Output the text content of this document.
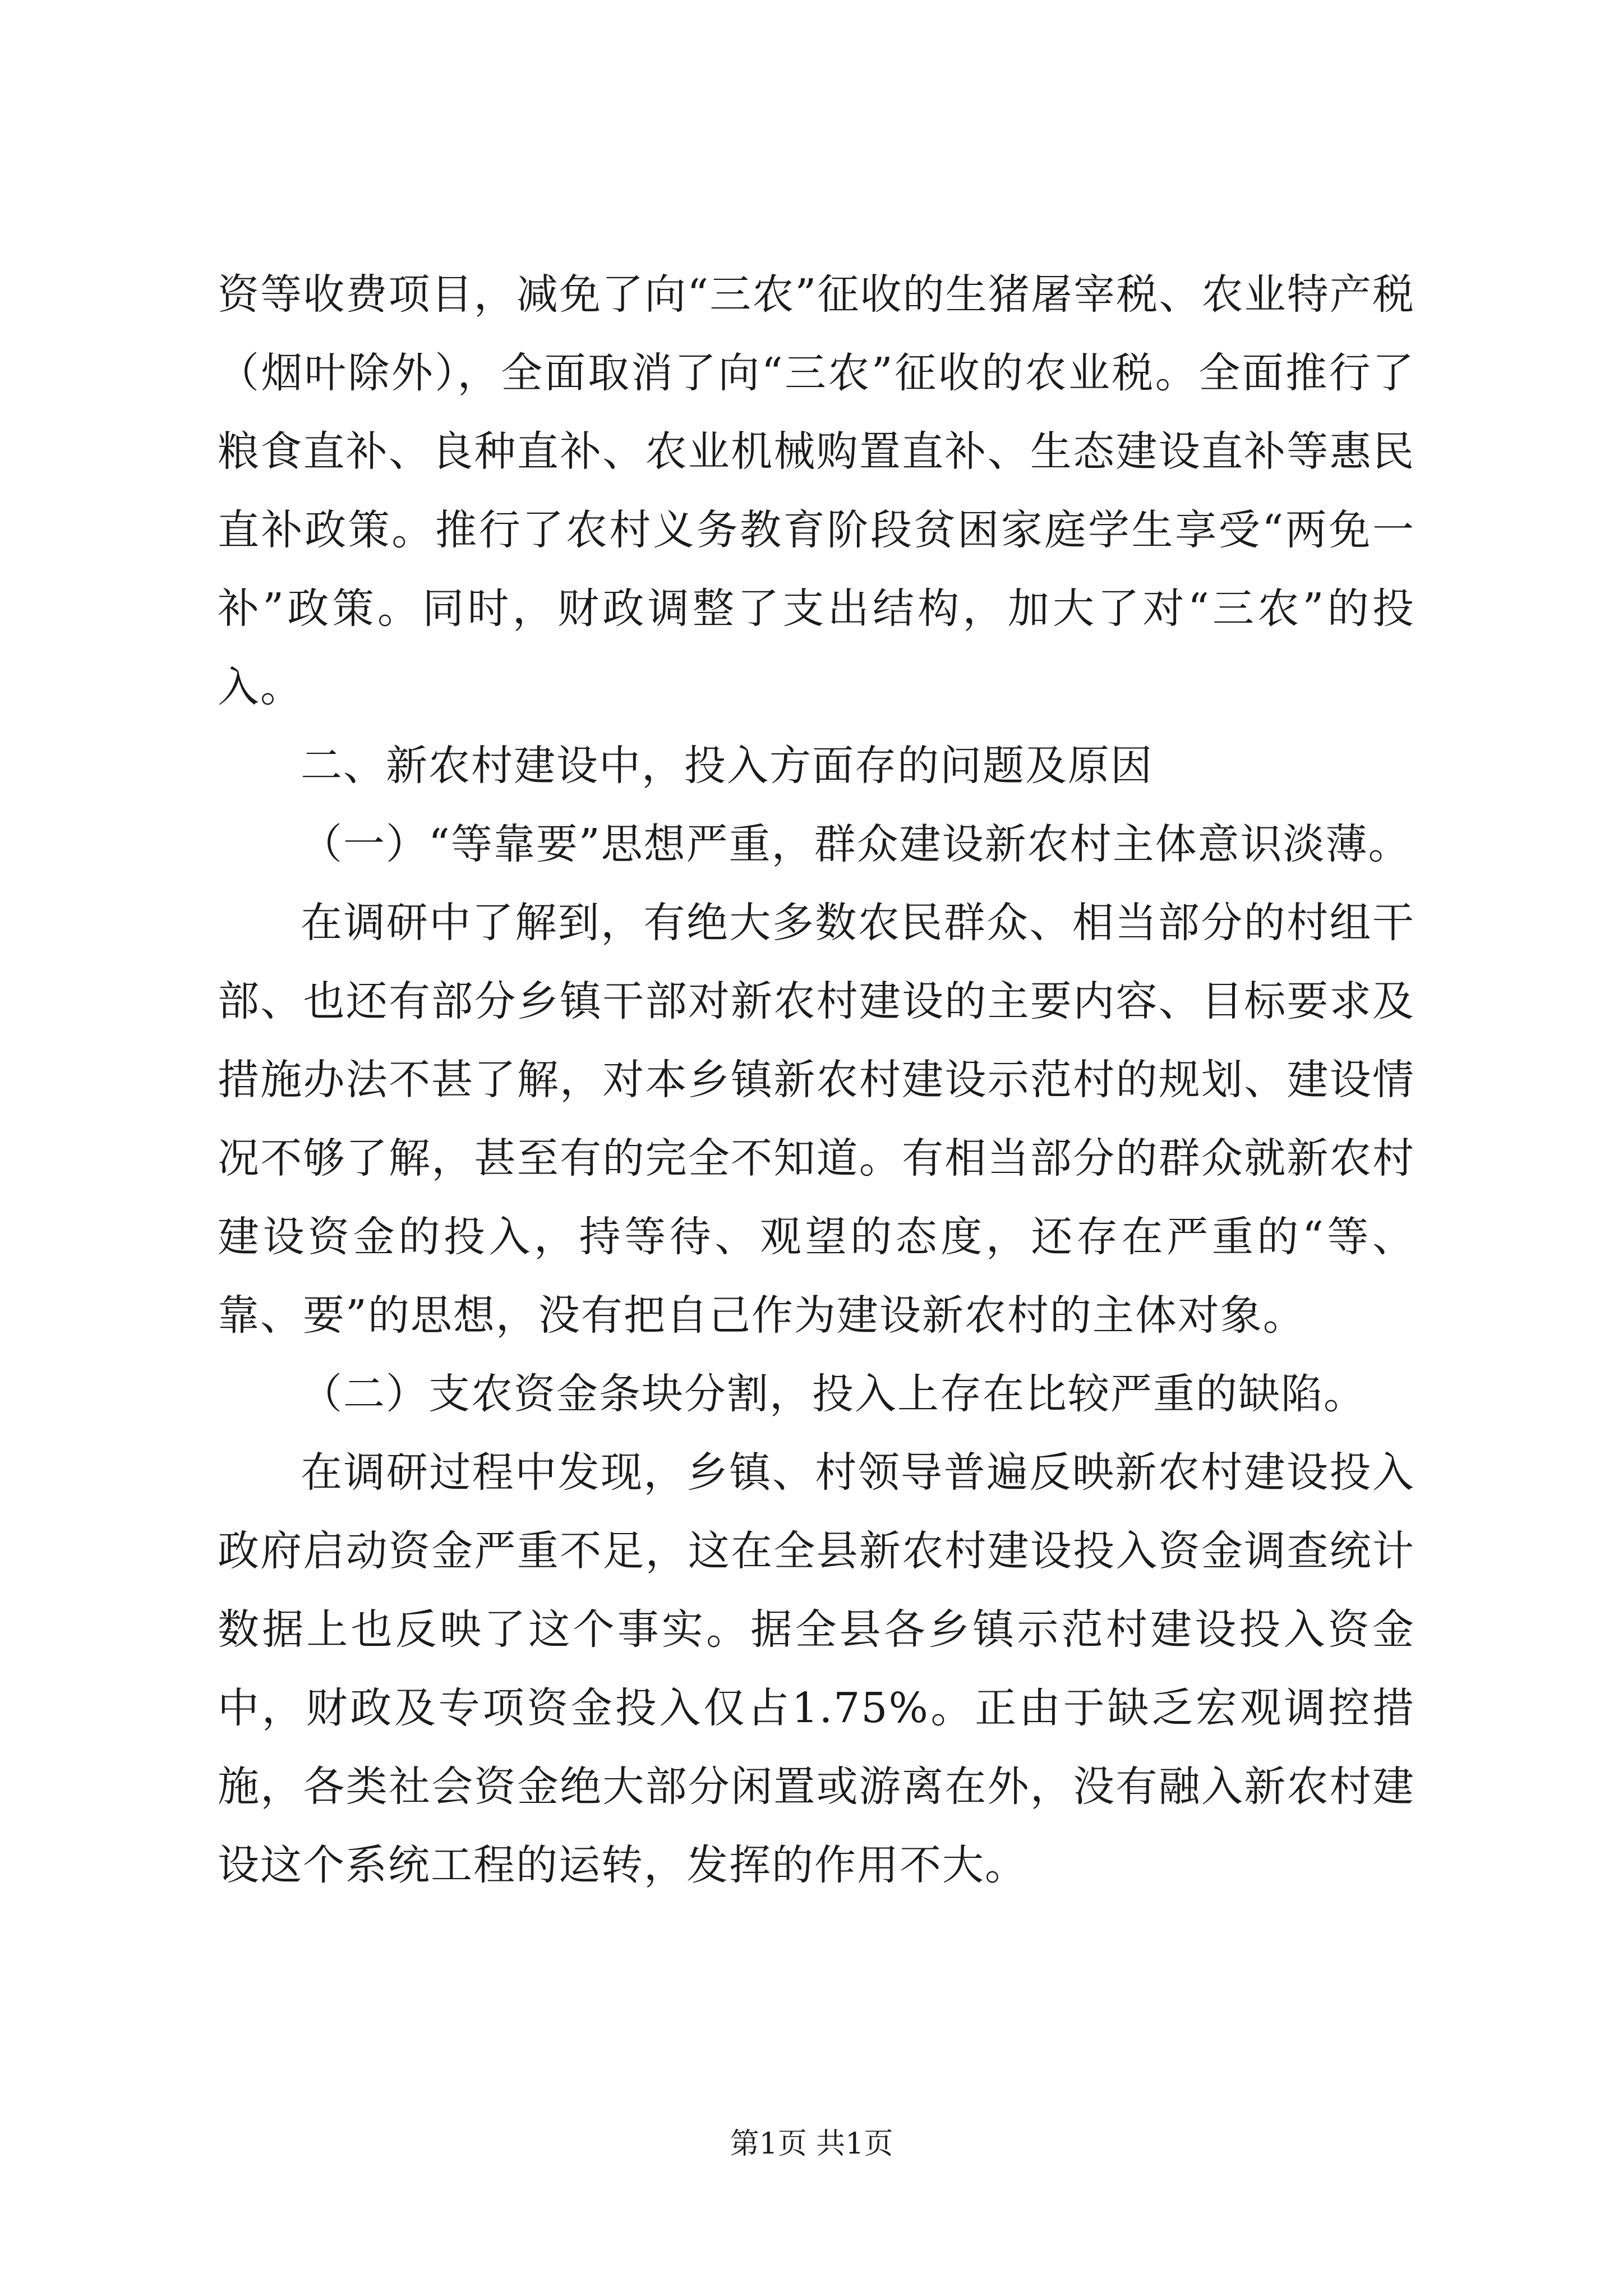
资等收费项目，减免了向“三农”征收的生猪屠宰税、农业特产税（烟叶除外），全面取消了向“三农”征收的农业税。全面推行了粮食直补、良种直补、农业机械购置直补、生态建设直补等惠民直补政策。推行了农村义务教育阶段贫困家庭学生享受“两免一补”政策。同时，财政调整了支出结构，加大了对“三农”的投入。

二、新农村建设中，投入方面存的问题及原因

（一）“等靠要”思想严重，群众建设新农村主体意识淡薄。

在调研中了解到，有绝大多数农民群众、相当部分的村组干部、也还有部分乡镇干部对新农村建设的主要内容、目标要求及措施办法不甚了解，对本乡镇新农村建设示范村的规划、建设情况不够了解，甚至有的完全不知道。有相当部分的群众就新农村建设资金的投入，持等待、观望的态度，还存在严重的“等、靠、要”的思想，没有把自己作为建设新农村的主体对象。

（二）支农资金条块分割，投入上存在比较严重的缺陷。

在调研过程中发现，乡镇、村领导普遍反映新农村建设投入政府启动资金严重不足，这在全县新农村建设投入资金调查统计数据上也反映了这个事实。据全县各乡镇示范村建设投入资金中，财政及专项资金投入仅占1.75%。正由于缺乏宏观调控措施，各类社会资金绝大部分闲置或游离在外，没有融入新农村建设这个系统工程的运转，发挥的作用不大。

第1页 共1页
